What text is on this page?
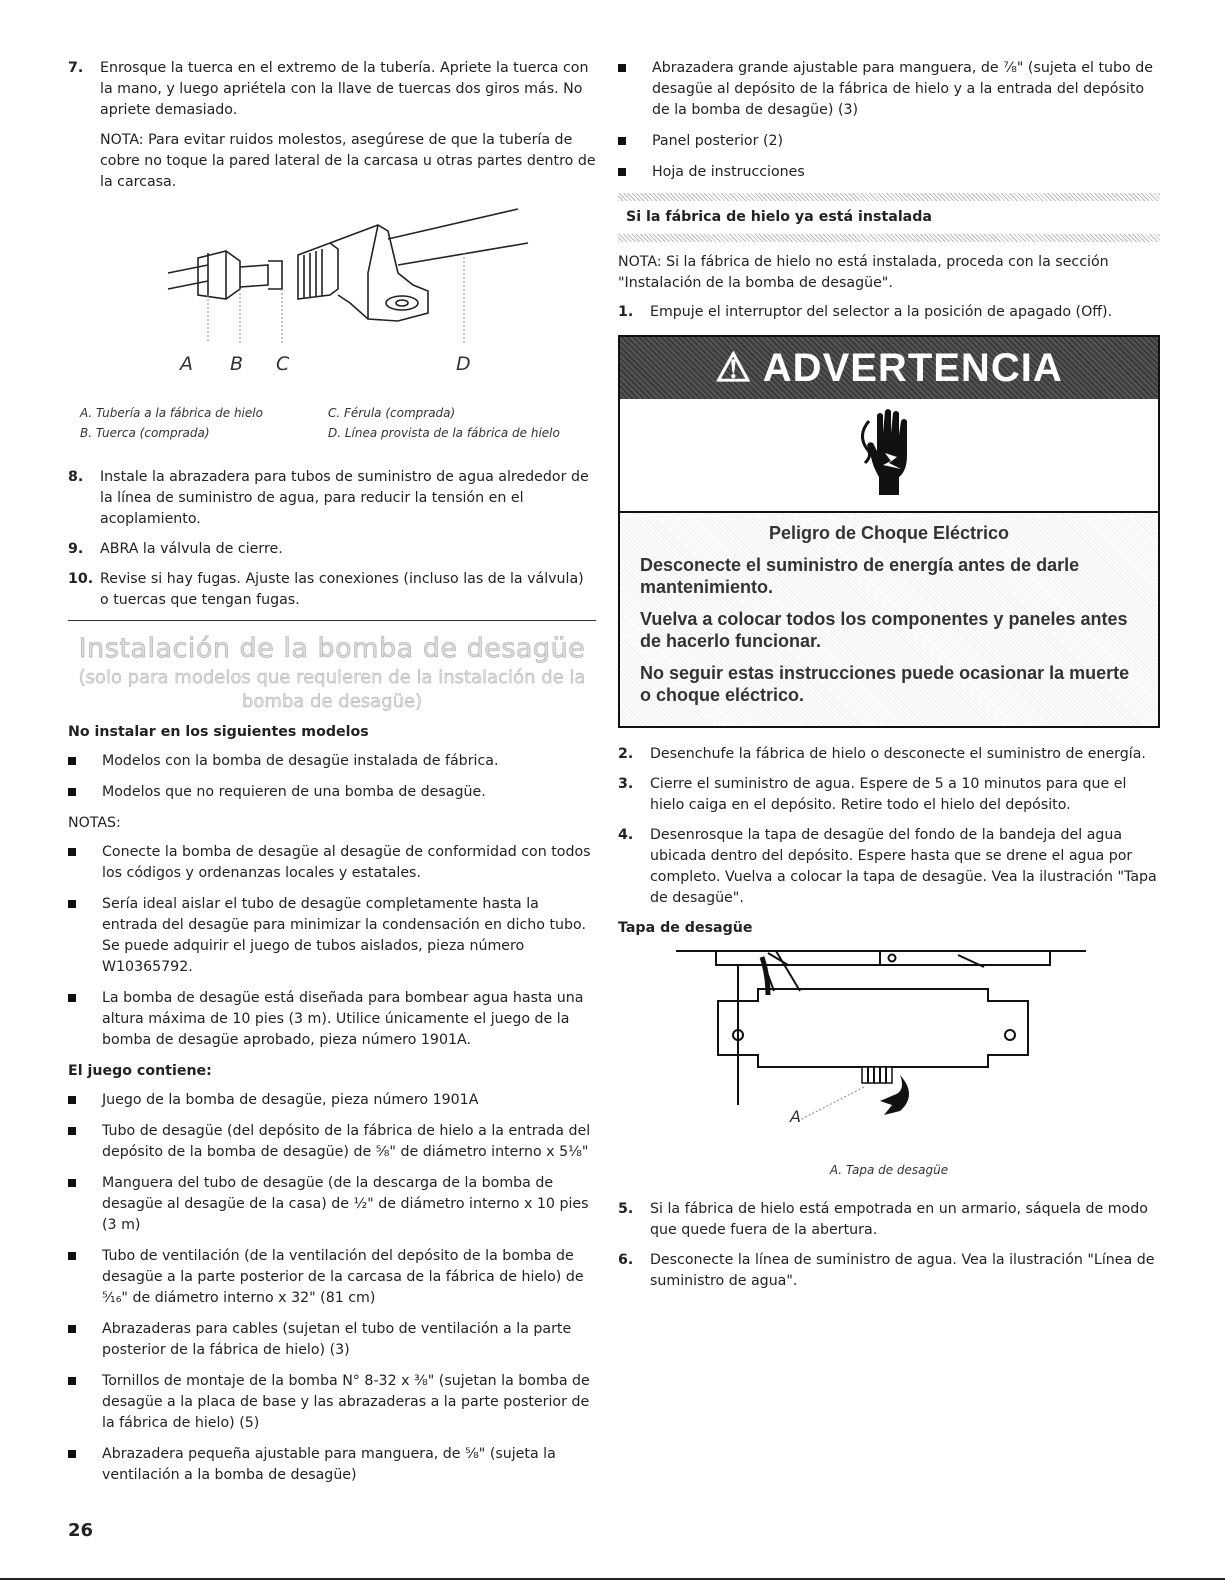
7.	Enrosque la tuerca en el extremo de la tubería. Apriete la tuerca con la mano, y luego apriétela con la llave de tuercas dos giros más. No apriete demasiado.

NOTA: Para evitar ruidos molestos, asegúrese de que la tubería de cobre no toque la pared lateral de la carcasa u otras partes dentro de la carcasa.

A B C	D
A. Tubería a la fábrica de hielo	C. Férula (comprada)
B. Tuerca (comprada)	D. Línea provista de la fábrica de hielo
8.	Instale la abrazadera para tubos de suministro de agua alrededor de la línea de suministro de agua, para reducir la tensión en el acoplamiento.
9.	ABRA la válvula de cierre.
10. Revise si hay fugas. Ajuste las conexiones (incluso las de la válvula) o tuercas que tengan fugas.
Instalación de la bomba de desagüe
(solo para modelos que requieren de la instalación de la bomba de desagüe)
No instalar en los siguientes modelos
Modelos con la bomba de desagüe instalada de fábrica.
Modelos que no requieren de una bomba de desagüe.

NOTAS:

Conecte la bomba de desagüe al desagüe de conformidad con todos los códigos y ordenanzas locales y estatales.
Sería ideal aislar el tubo de desagüe completamente hasta la entrada del desagüe para minimizar la condensación en dicho tubo. Se puede adquirir el juego de tubos aislados, pieza número W10365792.
La bomba de desagüe está diseñada para bombear agua hasta una altura máxima de 10 pies (3 m). Utilice únicamente el juego de la bomba de desagüe aprobado, pieza número 1901A.
El juego contiene:
Juego de la bomba de desagüe, pieza número 1901A
Tubo de desagüe (del depósito de la fábrica de hielo a la entrada del depósito de la bomba de desagüe) de ⁵⁄₈" de diámetro interno x 5⅛"
Manguera del tubo de desagüe (de la descarga de la bomba de desagüe al desagüe de la casa) de ½" de diámetro interno x 10 pies (3 m)
Tubo de ventilación (de la ventilación del depósito de la bomba de desagüe a la parte posterior de la carcasa de la fábrica de hielo) de ⁵⁄₁₆" de diámetro interno x 32" (81 cm)
Abrazaderas para cables (sujetan el tubo de ventilación a la parte posterior de la fábrica de hielo) (3)
Tornillos de montaje de la bomba N° 8-32 x ⅜" (sujetan la bomba de desagüe a la placa de base y las abrazaderas a la parte posterior de la fábrica de hielo) (5)
Abrazadera pequeña ajustable para manguera, de ⅝" (sujeta la ventilación a la bomba de desagüe)
Abrazadera grande ajustable para manguera, de ⅞" (sujeta el tubo de desagüe al depósito de la fábrica de hielo y a la entrada del depósito de la bomba de desagüe) (3)
Panel posterior (2)
Hoja de instrucciones
Si la fábrica de hielo ya está instalada

NOTA: Si la fábrica de hielo no está instalada, proceda con la sección "Instalación de la bomba de desagüe".

1.	Empuje el interruptor del selector a la posición de apagado (Off).
⚠ ADVERTENCIA
Peligro de Choque Eléctrico
Desconecte el suministro de energía antes de darle mantenimiento.
Vuelva a colocar todos los componentes y paneles antes de hacerlo funcionar.
No seguir estas instrucciones puede ocasionar la muerte o choque eléctrico.
2.	Desenchufe la fábrica de hielo o desconecte el suministro de energía.
3.	Cierre el suministro de agua. Espere de 5 a 10 minutos para que el hielo caiga en el depósito. Retire todo el hielo del depósito.
4.	Desenrosque la tapa de desagüe del fondo de la bandeja del agua ubicada dentro del depósito. Espere hasta que se drene el agua por completo. Vuelva a colocar la tapa de desagüe. Vea la ilustración "Tapa de desagüe".
Tapa de desagüe
A
A. Tapa de desagüe
5.	Si la fábrica de hielo está empotrada en un armario, sáquela de modo que quede fuera de la abertura.
6.	Desconecte la línea de suministro de agua. Vea la ilustración "Línea de suministro de agua".
26
